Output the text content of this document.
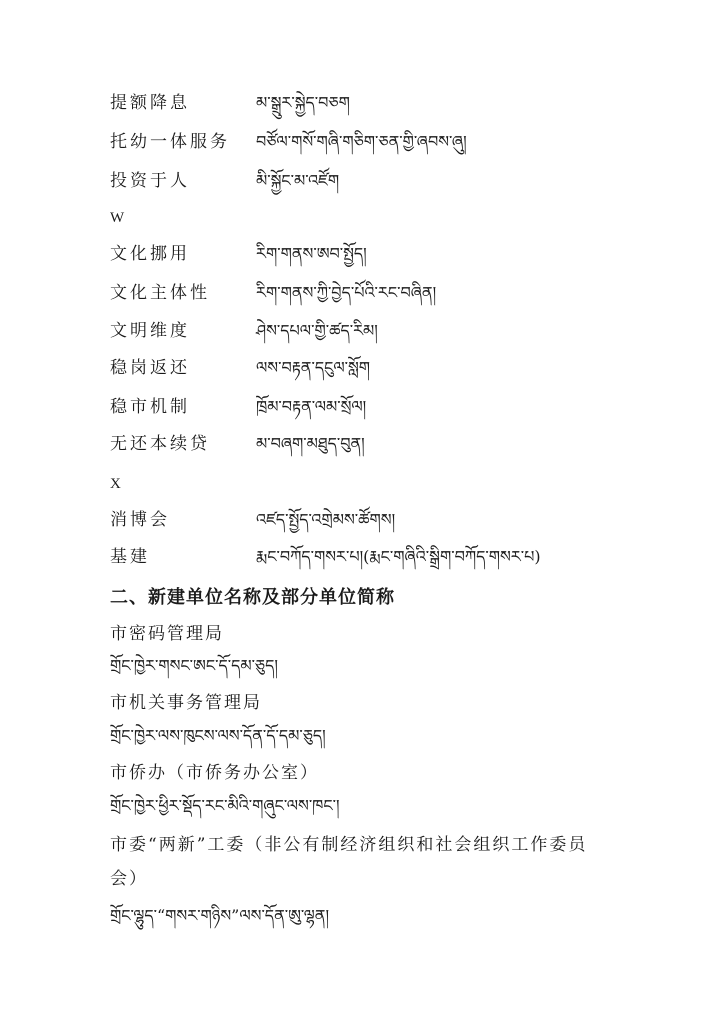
提额降息	མ་སྒྲུར་སྐྱེད་བཅག
托幼一体服务 བཙོལ་གསོ་གཞི་གཅིག་ཅན་གྱི་ཞབས་ཞུ།
投资于人	མི་སྐྱོང་མ་འཛོག
W
文化挪用	རིག་གནས་ཨབ་སྤྱོད།
文化主体性	རིག་གནས་ཀྱི་བྱེད་པོའི་རང་བཞིན།
文明维度	ཤེས་དཔལ་གྱི་ཚད་རིམ།
稳岗返还	ལས་བརྟན་དངུལ་སློག
稳市机制	ཁྲོམ་བརྟན་ལམ་སྲོལ།
无还本续贷	མ་བཞག་མཐུད་བུན།
X
消博会	འཛད་སྤྱོད་འགྲེམས་ཚོགས།
基建	རྨང་བཀོད་གསར་པ།(རྨང་གཞིའི་སྒྲིག་བཀོད་གསར་པ)
二、新建单位名称及部分单位简称
市密码管理局
གྲོང་ཁྱེར་གསང་ཨང་དོ་དམ་ཅུད།
市机关事务管理局
གྲོང་ཁྱེར་ལས་ཁུངས་ལས་དོན་དོ་དམ་ཅུད།
市侨办（市侨务办公室）
གྲོང་ཁྱེར་ཕྱིར་སྡོད་རང་མིའི་གཞུང་ལས་ཁང་།
市委“两新”工委（非公有制经济组织和社会组织工作委员会）
གྲོང་ལྷུད་“གསར་གཉིས”ལས་དོན་ཨུ་ལྷན།
